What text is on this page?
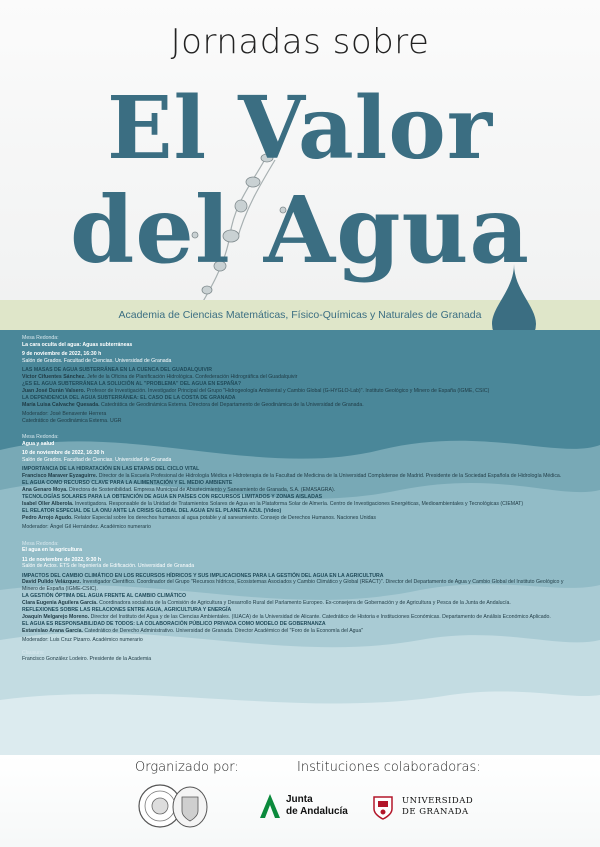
Jornadas sobre
El Valor
del Agua
Academia de Ciencias Matemáticas, Físico-Químicas y Naturales de Granada
Mesa Redonda:
La cara oculta del agua: Aguas subterráneas
9 de noviembre de 2022, 16:30 h
Salón de Grados. Facultad de Ciencias. Universidad de Granada
LAS MASAS DE AGUA SUBTERRÁNEA EN LA CUENCA DEL GUADALQUIVIR
Víctor Cifuentes Sánchez. Jefe de la Oficina de Planificación Hidrológica. Confederación Hidrográfica del Guadalquivir
¿ES EL AGUA SUBTERRÁNEA LA SOLUCIÓN AL "PROBLEMA" DEL AGUA EN ESPAÑA?
Juan José Durán Valsero. Profesor de Investigación. Investigador Principal del Grupo "Hidrogeología Ambiental y Cambio Global (G-HYGLO-Lab)". Instituto Geológico y Minero de España (IGME, CSIC)
LA DEPENDENCIA DEL AGUA SUBTERRÁNEA: EL CASO DE LA COSTA DE GRANADA
María Luisa Calvache Quesada. Catedrática de Geodinámica Externa. Directora del Departamento de Geodinámica de la Universidad de Granada.
Moderador: José Benavente Herrera
Catedrático de Geodinámica Externa. UGR
Mesa Redonda:
Agua y salud
10 de noviembre de 2022, 16:30 h
Salón de Grados. Facultad de Ciencias. Universidad de Granada
IMPORTANCIA DE LA HIDRATACIÓN EN LAS ETAPAS DEL CICLO VITAL
Francisco Maraver Eyzaguirre. Director de la Escuela Profesional de Hidrología Médica e Hidroterapia de la Facultad de Medicina de la Universidad Complutense de Madrid. Presidente de la Sociedad Española de Hidrología Médica.
EL AGUA COMO RECURSO CLAVE PARA LA ALIMENTACIÓN Y EL MEDIO AMBIENTE
Ana Genaro Moya. Directora de Sostenibilidad. Empresa Municipal de Abastecimiento y Saneamiento de Granada, S.A. (EMASAGRA).
TECNOLOGÍAS SOLARES PARA LA OBTENCIÓN DE AGUA EN PAÍSES CON RECURSOS LIMITADOS Y ZONAS AISLADAS
Isabel Oller Alberola. Investigadora. Responsable de la Unidad de Tratamientos Solares de Agua en la Plataforma Solar de Almería. Centro de Investigaciones Energéticas, Medioambientales y Tecnológicas (CIEMAT)
EL RELATOR ESPECIAL DE LA ONU ANTE LA CRISIS GLOBAL DEL AGUA EN EL PLANETA AZUL (Vídeo)
Pedro Arrojo Agudo. Relator Especial sobre los derechos humanos al agua potable y al saneamiento. Consejo de Derechos Humanos. Naciones Unidas
Moderador: Ángel Gil Hernández. Académico numerario
Mesa Redonda:
El agua en la agricultura
11 de noviembre de 2022, 9:30 h
Salón de Actos. ETS de Ingeniería de Edificación. Universidad de Granada
IMPACTOS DEL CAMBIO CLIMÁTICO EN LOS RECURSOS HÍDRICOS Y SUS IMPLICACIONES PARA LA GESTIÓN DEL AGUA EN LA AGRICULTURA
David Pulido Velázquez. Investigador Científico. Coordinador del Grupo "Recursos hídricos, Ecosistemas Asociados y Cambio Climático y Global (REACT)". Director del Departamento de Agua y Cambio Global del Instituto Geológico y Minero de España (IGME-CSIC).
LA GESTIÓN ÓPTIMA DEL AGUA FRENTE AL CAMBIO CLIMÁTICO
Clara Eugenia Aguilera García. Coordinadora socialista de la Comisión de Agricultura y Desarrollo Rural del Parlamento Europeo. Ex-consejera de Gobernación y de Agricultura y Pesca de la Junta de Andalucía.
REFLEXIONES SOBRE LAS RELACIONES ENTRE AGUA, AGRICULTURA Y ENERGÍA
Joaquín Melgarejo Moreno. Director del Instituto del Agua y de las Ciencias Ambientales. (IUACA) de la Universidad de Alicante. Catedrático de Historia e Instituciones Económicas. Departamento de Análisis Económico Aplicado.
EL AGUA ES RESPONSABILIDAD DE TODOS: LA COLABORACIÓN PÚBLICO PRIVADA COMO MODELO DE GOBERNANZA
Estanislao Arana García. Catedrático de Derecho Administrativo. Universidad de Granada. Director Académico del "Foro de la Economía del Agua"
Moderador: Luis Cruz Pizarro. Académico numerario
Clausura:
Francisco González Lodeiro. Presidente de la Academia
Organizado por:	Instituciones colaboradoras:
Junta
de Andalucía
UNIVERSIDAD
DE GRANADA
